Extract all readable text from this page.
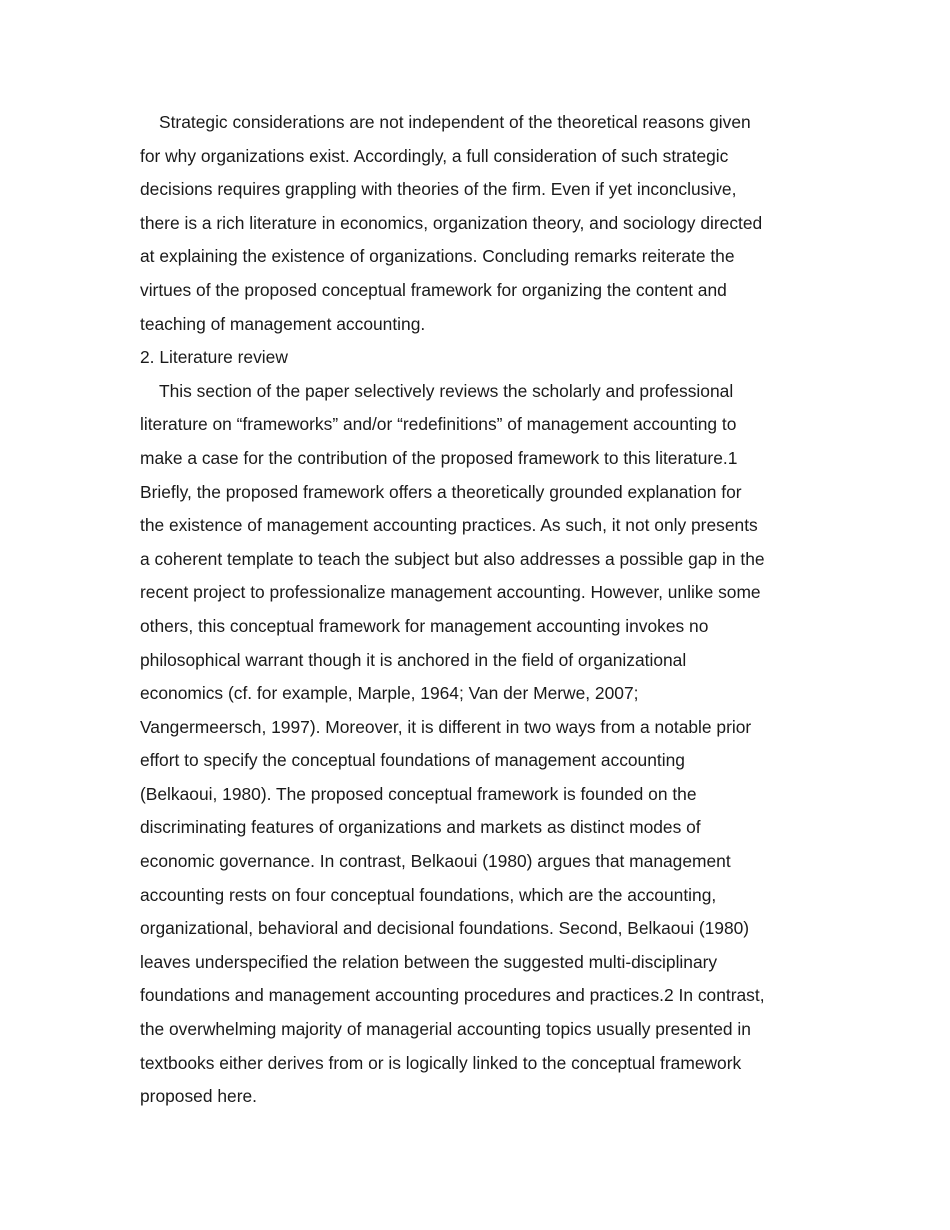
Strategic considerations are not independent of the theoretical reasons given
for why organizations exist. Accordingly, a full consideration of such strategic
decisions requires grappling with theories of the firm. Even if yet inconclusive,
there is a rich literature in economics, organization theory, and sociology directed
at explaining the existence of organizations. Concluding remarks reiterate the
virtues of the proposed conceptual framework for organizing the content and
teaching of management accounting.
2. Literature review
This section of the paper selectively reviews the scholarly and professional
literature on “frameworks” and/or “redefinitions” of management accounting to
make a case for the contribution of the proposed framework to this literature.1
Briefly, the proposed framework offers a theoretically grounded explanation for
the existence of management accounting practices. As such, it not only presents
a coherent template to teach the subject but also addresses a possible gap in the
recent project to professionalize management accounting. However, unlike some
others, this conceptual framework for management accounting invokes no
philosophical warrant though it is anchored in the field of organizational
economics (cf. for example, Marple, 1964; Van der Merwe, 2007;
Vangermeersch, 1997). Moreover, it is different in two ways from a notable prior
effort to specify the conceptual foundations of management accounting
(Belkaoui, 1980). The proposed conceptual framework is founded on the
discriminating features of organizations and markets as distinct modes of
economic governance. In contrast, Belkaoui (1980) argues that management
accounting rests on four conceptual foundations, which are the accounting,
organizational, behavioral and decisional foundations. Second, Belkaoui (1980)
leaves underspecified the relation between the suggested multi-disciplinary
foundations and management accounting procedures and practices.2 In contrast,
the overwhelming majority of managerial accounting topics usually presented in
textbooks either derives from or is logically linked to the conceptual framework
proposed here.
